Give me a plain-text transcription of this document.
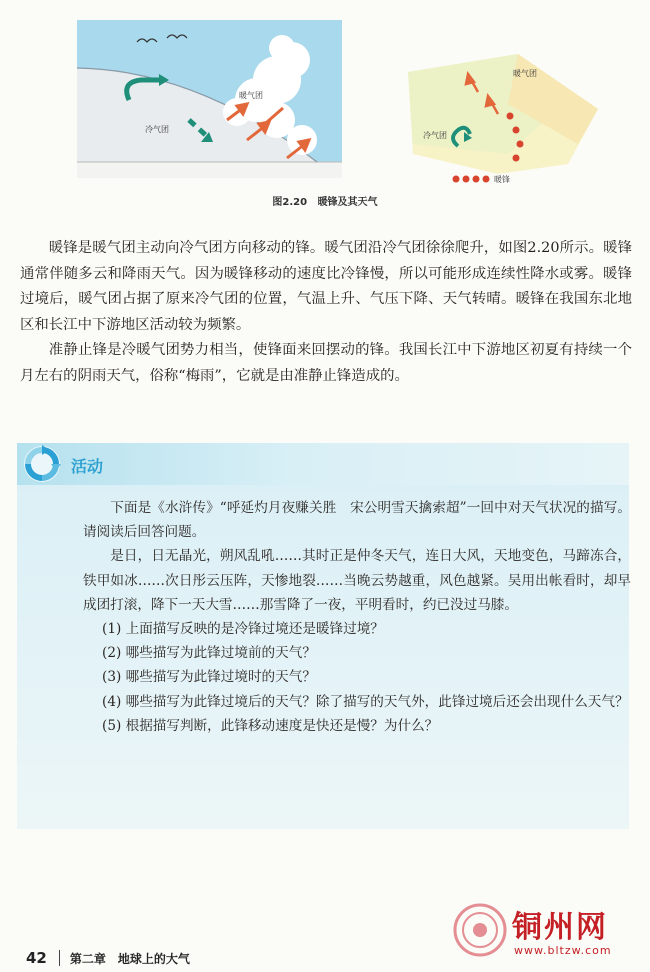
暖气团
冷气团
暖气团
冷气团
暖锋
图2.20 暖锋及其天气

暖锋是暖气团主动向冷气团方向移动的锋。暖气团沿冷气团徐徐爬升，如图2.20所示。暖锋通常伴随多云和降雨天气。因为暖锋移动的速度比冷锋慢，所以可能形成连续性降水或雾。暖锋过境后，暖气团占据了原来冷气团的位置，气温上升、气压下降、天气转晴。暖锋在我国东北地区和长江中下游地区活动较为频繁。

准静止锋是冷暖气团势力相当，使锋面来回摆动的锋。我国长江中下游地区初夏有持续一个月左右的阴雨天气，俗称“梅雨”，它就是由准静止锋造成的。

活动

下面是《水浒传》“呼延灼月夜赚关胜　宋公明雪天擒索超”一回中对天气状况的描写。请阅读后回答问题。

是日，日无晶光，朔风乱吼……其时正是仲冬天气，连日大风，天地变色，马蹄冻合，铁甲如冰……次日彤云压阵，天惨地裂……当晚云势越重，风色越紧。吴用出帐看时，却早成团打滚，降下一天大雪……那雪降了一夜，平明看时，约已没过马膝。

(1) 上面描写反映的是冷锋过境还是暖锋过境？

(2) 哪些描写为此锋过境前的天气？

(3) 哪些描写为此锋过境时的天气？

(4) 哪些描写为此锋过境后的天气？除了描写的天气外，此锋过境后还会出现什么天气？

(5) 根据描写判断，此锋移动速度是快还是慢？为什么？

42 第二章 地球上的大气
铜州网
www.bltzw.com
